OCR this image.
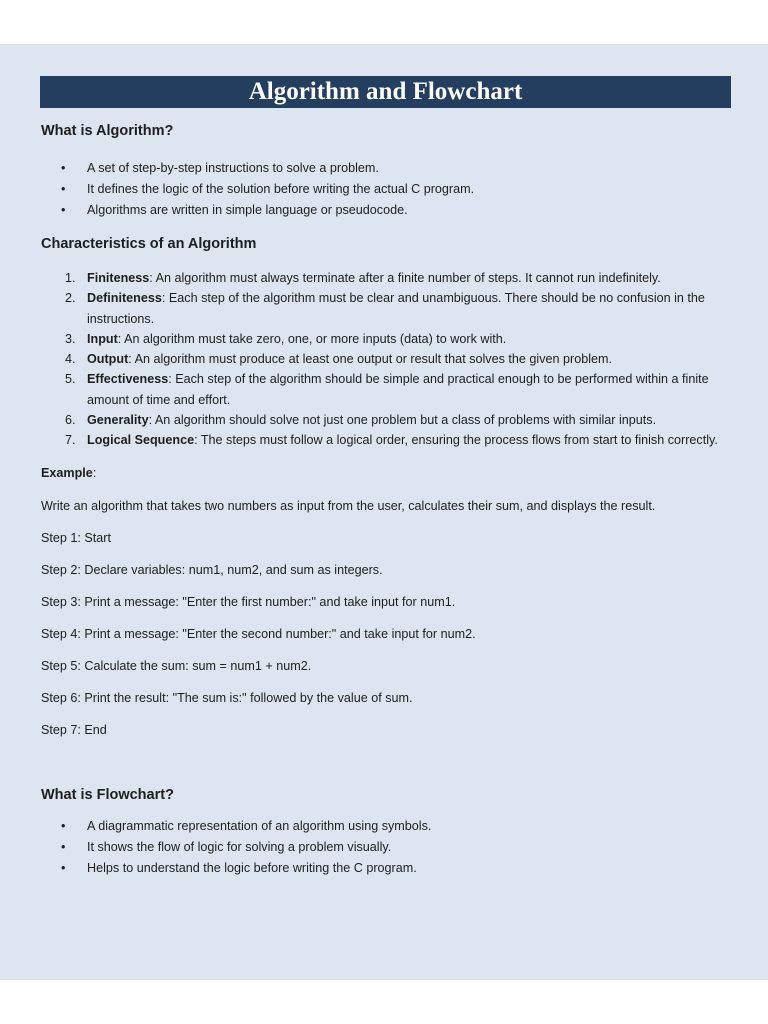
Algorithm and Flowchart
What is Algorithm?
• A set of step-by-step instructions to solve a problem.
• It defines the logic of the solution before writing the actual C program.
• Algorithms are written in simple language or pseudocode.
Characteristics of an Algorithm
1. Finiteness: An algorithm must always terminate after a finite number of steps. It cannot run indefinitely.
2. Definiteness: Each step of the algorithm must be clear and unambiguous. There should be no confusion in the instructions.
3. Input: An algorithm must take zero, one, or more inputs (data) to work with.
4. Output: An algorithm must produce at least one output or result that solves the given problem.
5. Effectiveness: Each step of the algorithm should be simple and practical enough to be performed within a finite amount of time and effort.
6. Generality: An algorithm should solve not just one problem but a class of problems with similar inputs.
7. Logical Sequence: The steps must follow a logical order, ensuring the process flows from start to finish correctly.

Example:

Write an algorithm that takes two numbers as input from the user, calculates their sum, and displays the result.

Step 1: Start

Step 2: Declare variables: num1, num2, and sum as integers.

Step 3: Print a message: "Enter the first number:" and take input for num1.

Step 4: Print a message: "Enter the second number:" and take input for num2.

Step 5: Calculate the sum: sum = num1 + num2.

Step 6: Print the result: "The sum is:" followed by the value of sum.

Step 7: End

What is Flowchart?
• A diagrammatic representation of an algorithm using symbols.
• It shows the flow of logic for solving a problem visually.
• Helps to understand the logic before writing the C program.
